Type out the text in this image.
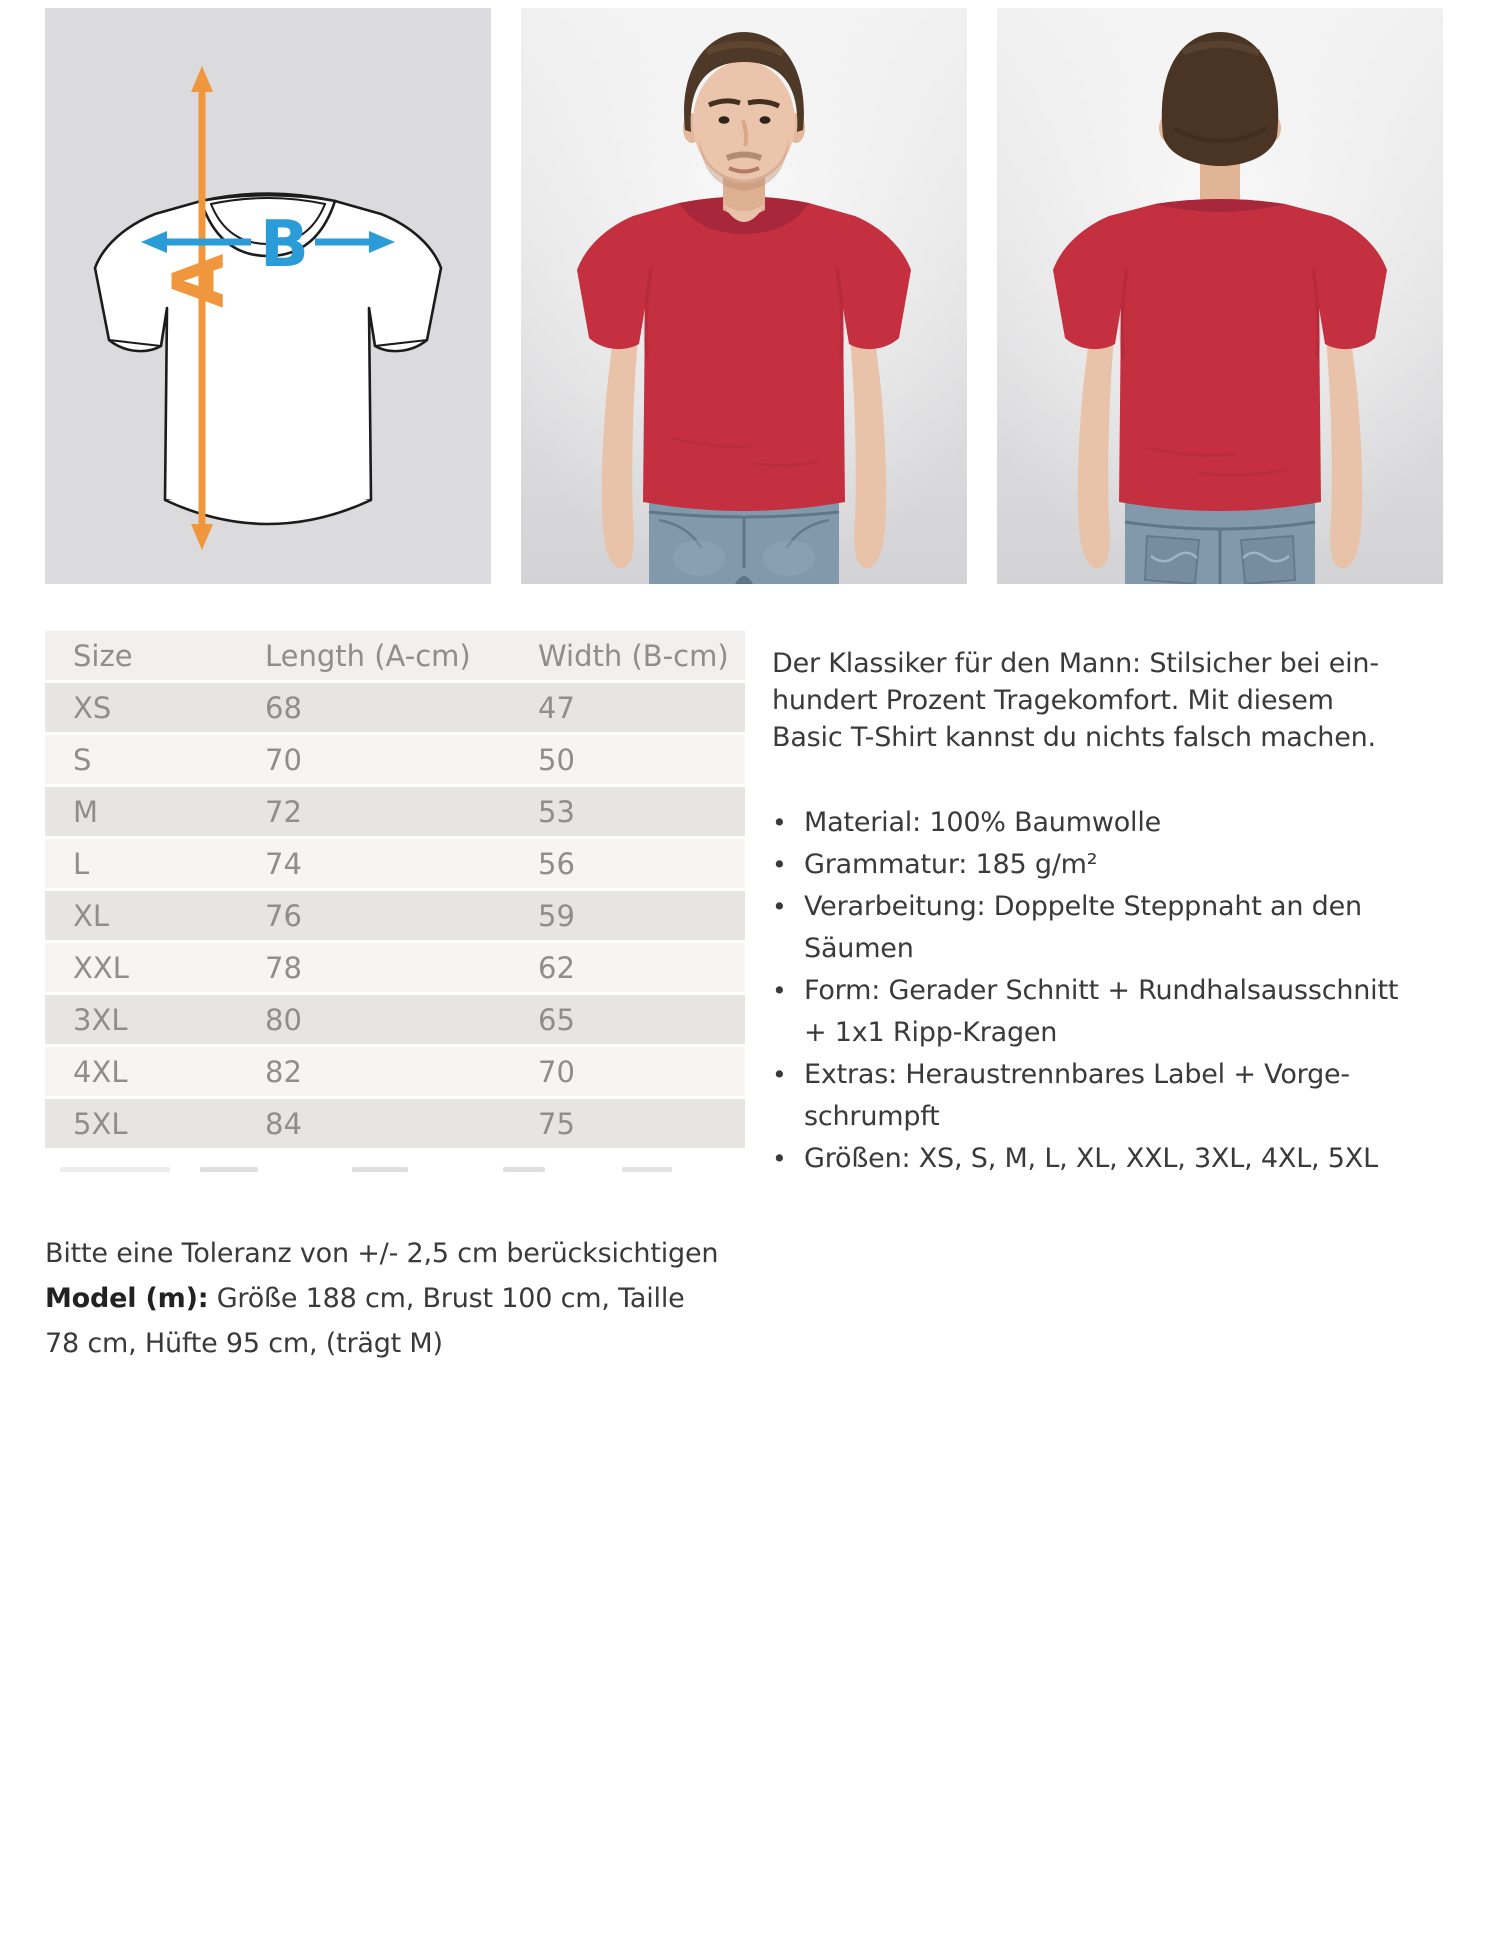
A B
Size	Length (A-cm)	Width (B-cm)
XS	68	47
S	70	50
M	72	53
L	74	56
XL	76	59
XXL	78	62
3XL	80	65
4XL	82	70
5XL	84	75
Bitte eine Toleranz von +/- 2,5 cm berücksichtigen
Model (m): Größe 188 cm, Brust 100 cm, Taille
78 cm, Hüfte 95 cm, (trägt M)
Der Klassiker für den Mann: Stilsicher bei ein-
hundert Prozent Tragekomfort. Mit diesem
Basic T-Shirt kannst du nichts falsch machen.
• Material: 100% Baumwolle
• Grammatur: 185 g/m²
• Verarbeitung: Doppelte Steppnaht an den
Säumen
• Form: Gerader Schnitt + Rundhalsausschnitt
+ 1x1 Ripp-Kragen
• Extras: Heraustrennbares Label + Vorge-
schrumpft
• Größen: XS, S, M, L, XL, XXL, 3XL, 4XL, 5XL
